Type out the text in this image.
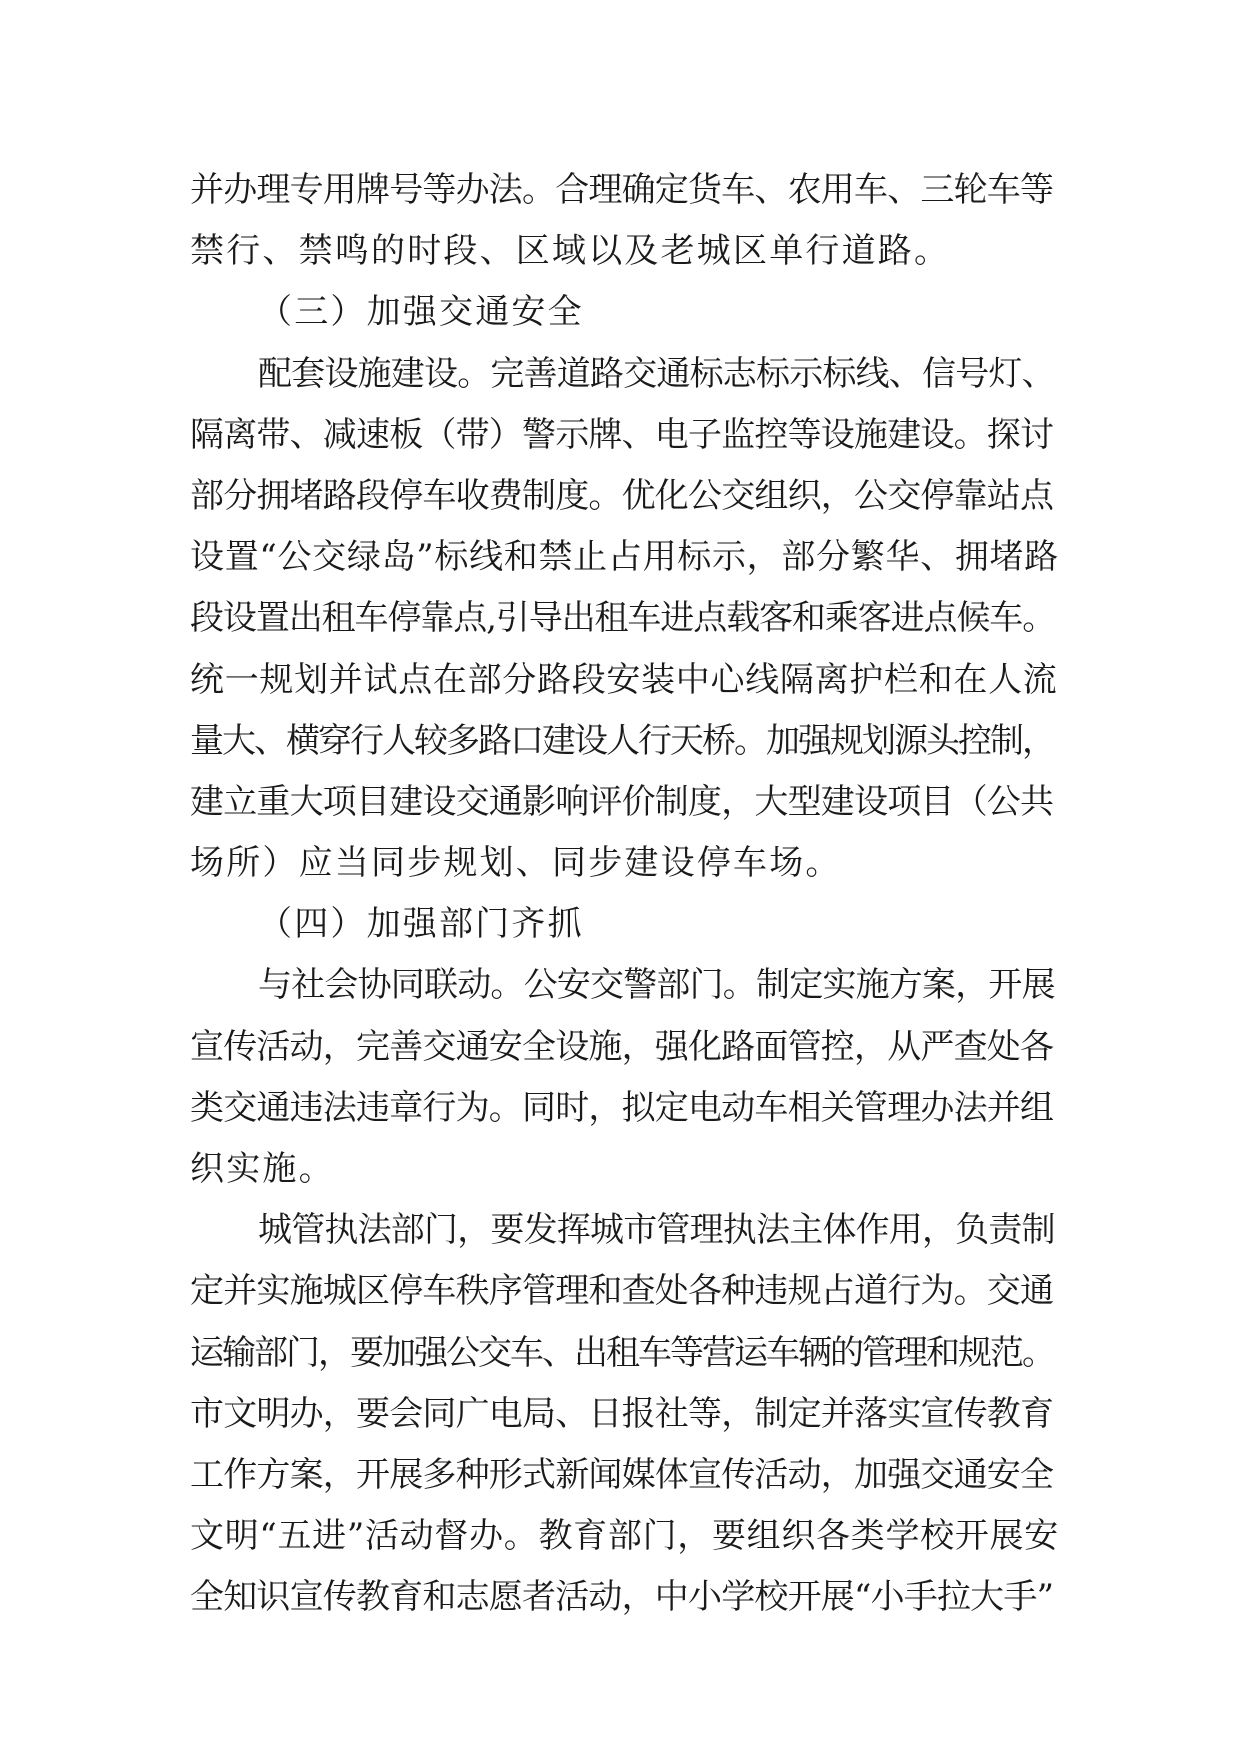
并办理专用牌号等办法。合理确定货车、农用车、三轮车等
禁行、禁鸣的时段、区域以及老城区单行道路。
（三）加强交通安全
配套设施建设。完善道路交通标志标示标线、信号灯、
隔离带、减速板（带）警示牌、电子监控等设施建设。探讨
部分拥堵路段停车收费制度。优化公交组织，公交停靠站点
设置“公交绿岛”标线和禁止占用标示，部分繁华、拥堵路
段设置出租车停靠点,引导出租车进点载客和乘客进点候车。
统一规划并试点在部分路段安装中心线隔离护栏和在人流
量大、横穿行人较多路口建设人行天桥。加强规划源头控制，
建立重大项目建设交通影响评价制度，大型建设项目（公共
场所）应当同步规划、同步建设停车场。
（四）加强部门齐抓
与社会协同联动。公安交警部门。制定实施方案，开展
宣传活动，完善交通安全设施，强化路面管控，从严查处各
类交通违法违章行为。同时，拟定电动车相关管理办法并组
织实施。
城管执法部门，要发挥城市管理执法主体作用，负责制
定并实施城区停车秩序管理和查处各种违规占道行为。交通
运输部门，要加强公交车、出租车等营运车辆的管理和规范。
市文明办，要会同广电局、日报社等，制定并落实宣传教育
工作方案，开展多种形式新闻媒体宣传活动，加强交通安全
文明“五进”活动督办。教育部门，要组织各类学校开展安
全知识宣传教育和志愿者活动，中小学校开展“小手拉大手”
